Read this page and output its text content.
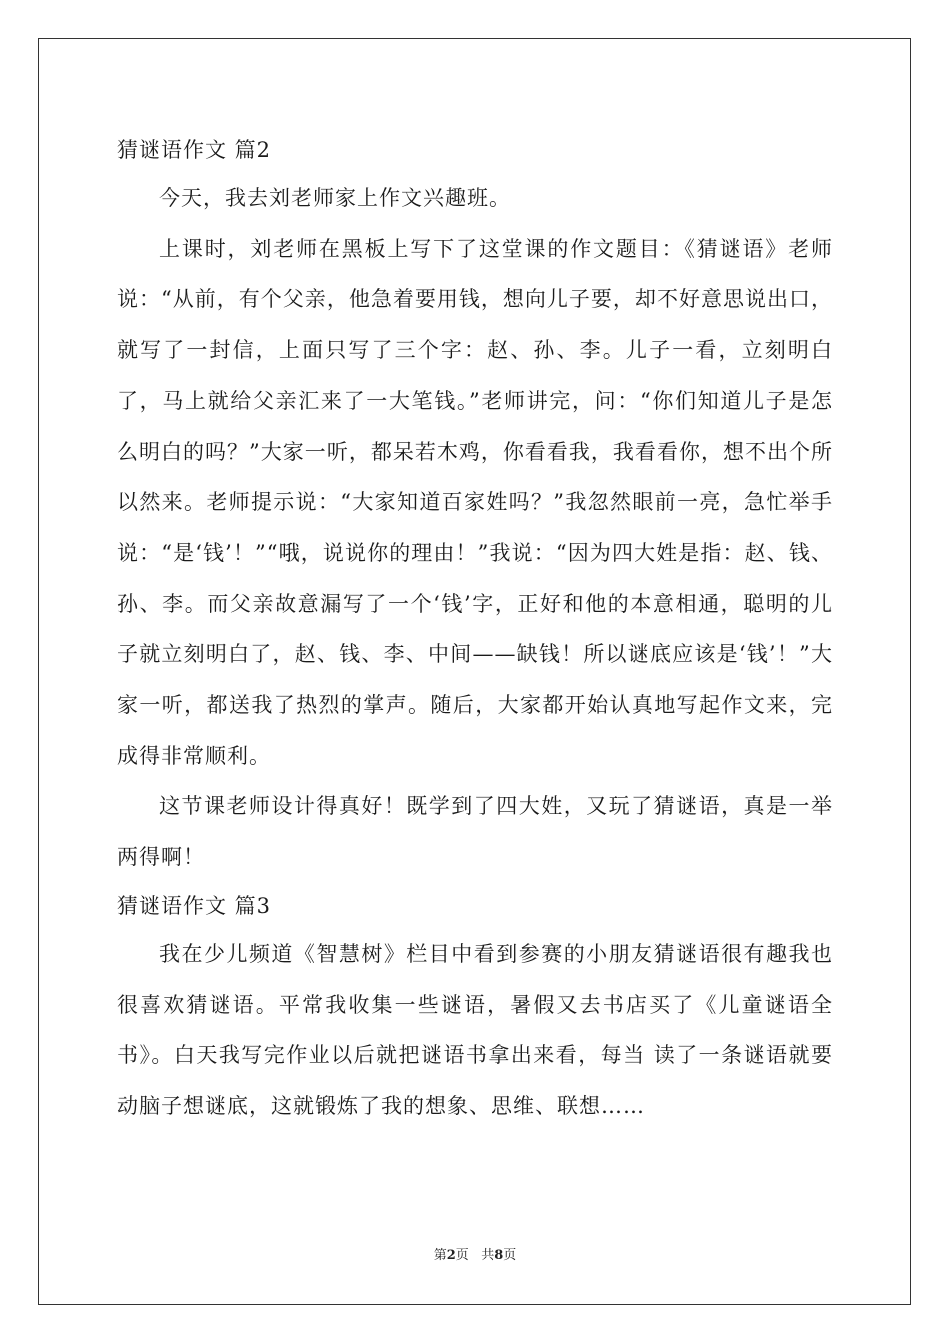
猜谜语作文 篇2

今天，我去刘老师家上作文兴趣班。

上课时，刘老师在黑板上写下了这堂课的作文题目：《猜谜语》老师说：“从前，有个父亲，他急着要用钱，想向儿子要，却不好意思说出口，就写了一封信，上面只写了三个字：赵、孙、李。儿子一看，立刻明白了，马上就给父亲汇来了一大笔钱。”老师讲完，问：“你们知道儿子是怎么明白的吗？”大家一听，都呆若木鸡，你看看我，我看看你，想不出个所以然来。老师提示说：“大家知道百家姓吗？”我忽然眼前一亮，急忙举手说：“是‘钱’！”“哦，说说你的理由！”我说：“因为四大姓是指：赵、钱、孙、李。而父亲故意漏写了一个‘钱’字，正好和他的本意相通，聪明的儿子就立刻明白了，赵、钱、李、中间——缺钱！所以谜底应该是‘钱’！”大家一听，都送我了热烈的掌声。随后，大家都开始认真地写起作文来，完成得非常顺利。

这节课老师设计得真好！既学到了四大姓，又玩了猜谜语，真是一举两得啊！

猜谜语作文 篇3

我在少儿频道《智慧树》栏目中看到参赛的小朋友猜谜语很有趣我也很喜欢猜谜语。平常我收集一些谜语，暑假又去书店买了《儿童谜语全书》。白天我写完作业以后就把谜语书拿出来看，每当 读了一条谜语就要动脑子想谜底，这就锻炼了我的想象、思维、联想……

第2页 共8页
